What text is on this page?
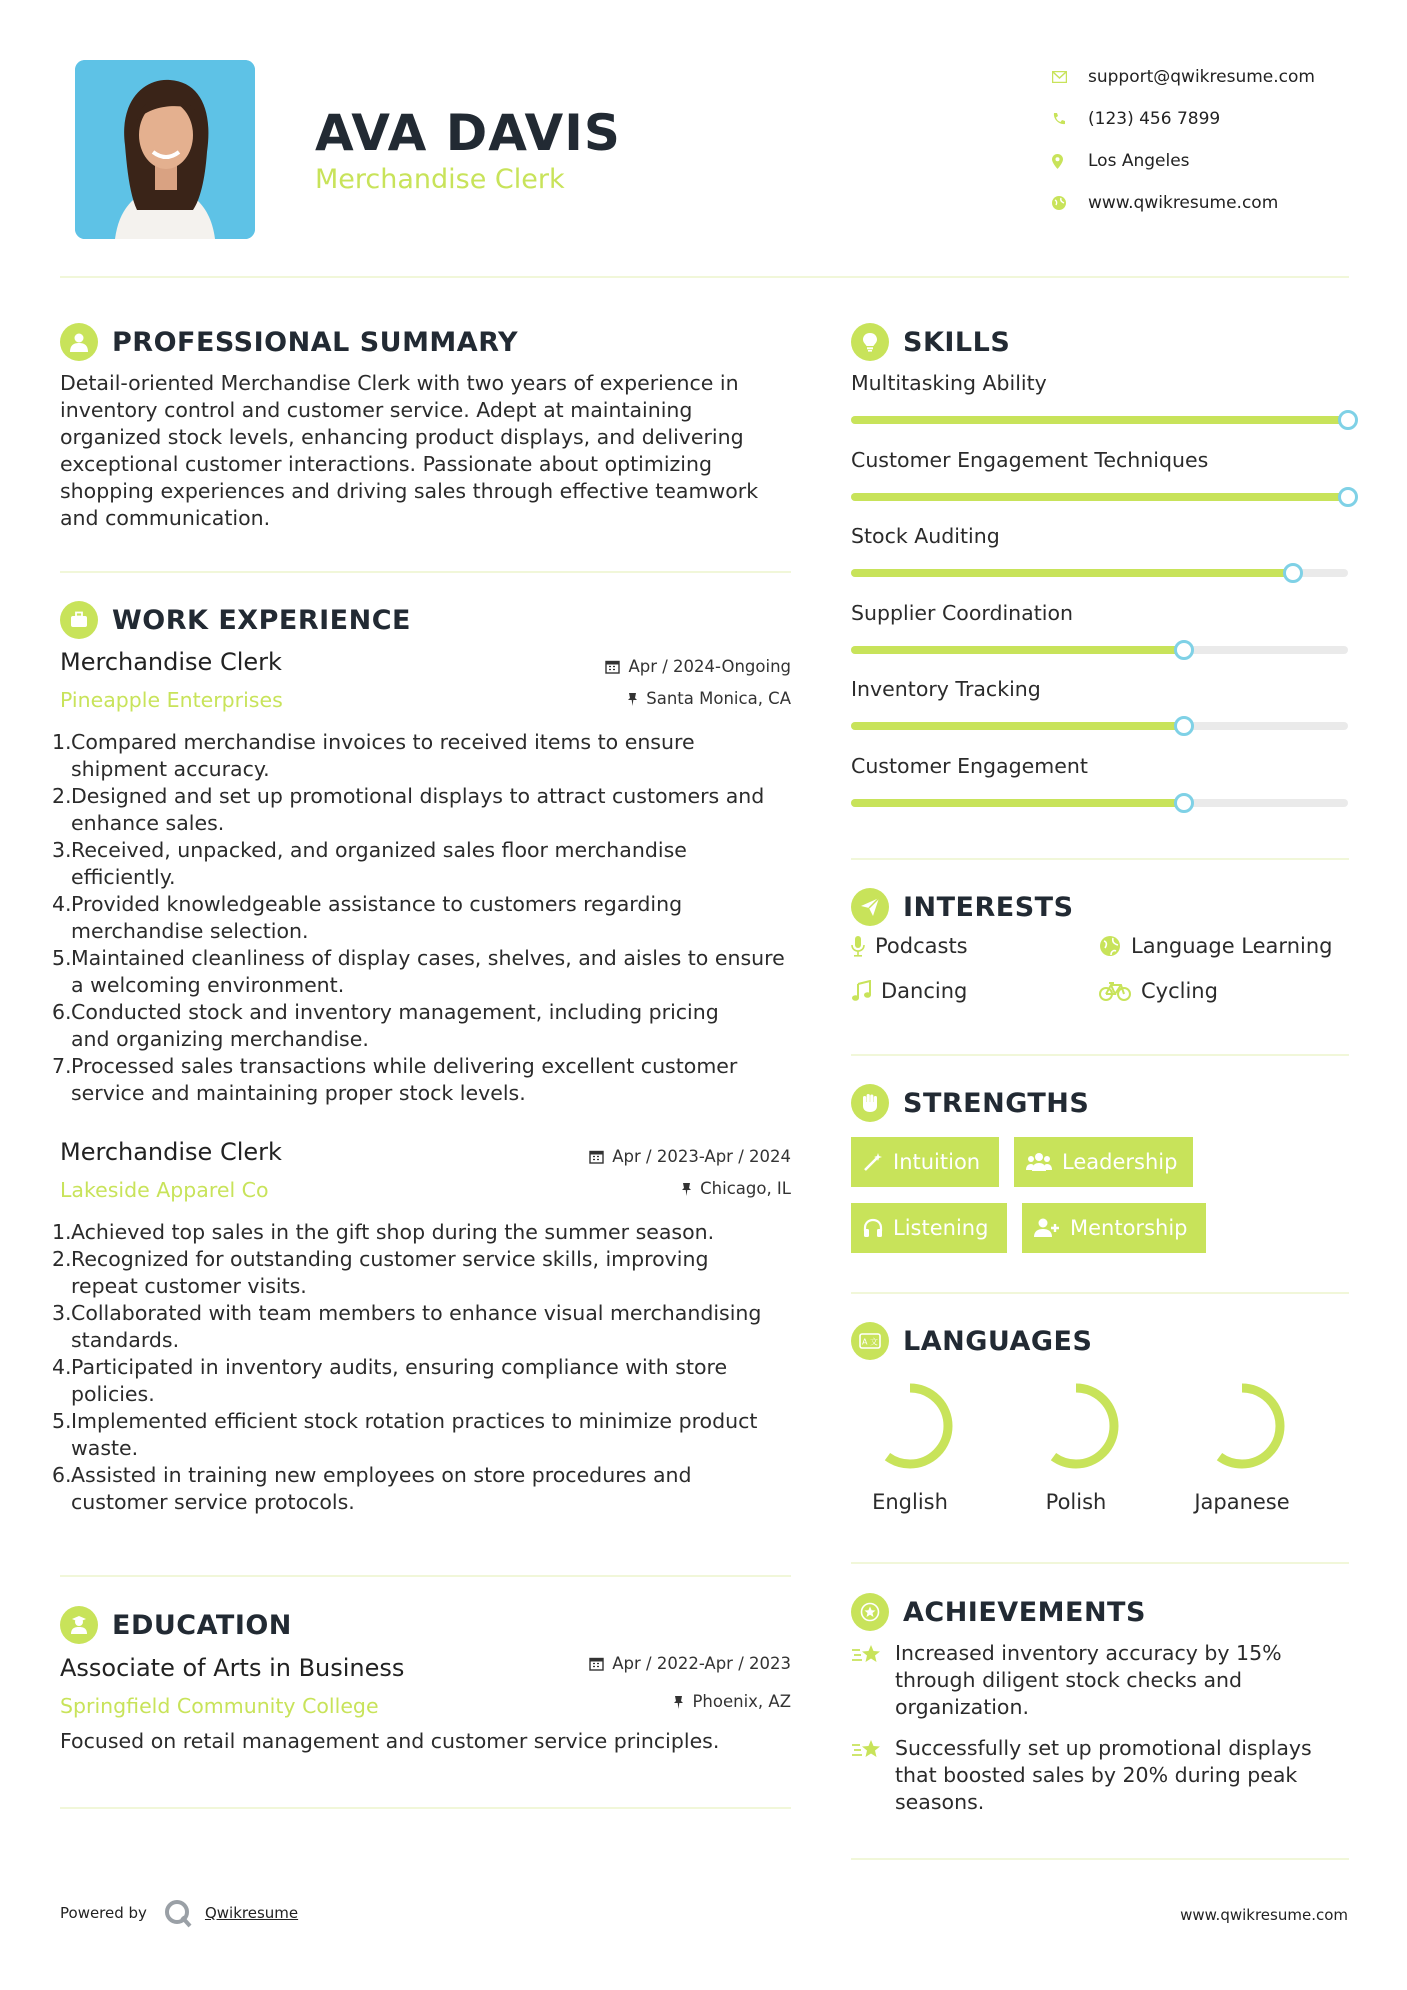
AVA DAVIS
Merchandise Clerk
support@qwikresume.com
(123) 456 7899
Los Angeles
www.qwikresume.com
PROFESSIONAL SUMMARY
Detail-oriented Merchandise Clerk with two years of experience in
inventory control and customer service. Adept at maintaining
organized stock levels, enhancing product displays, and delivering
exceptional customer interactions. Passionate about optimizing
shopping experiences and driving sales through effective teamwork
and communication.
WORK EXPERIENCE
Merchandise Clerk	Apr / 2024-Ongoing
Pineapple Enterprises	Santa Monica, CA
1. Compared merchandise invoices to received items to ensure
shipment accuracy.
2. Designed and set up promotional displays to attract customers and
enhance sales.
3. Received, unpacked, and organized sales floor merchandise
efficiently.
4. Provided knowledgeable assistance to customers regarding
merchandise selection.
5. Maintained cleanliness of display cases, shelves, and aisles to ensure
a welcoming environment.
6. Conducted stock and inventory management, including pricing
and organizing merchandise.
7. Processed sales transactions while delivering excellent customer
service and maintaining proper stock levels.
Merchandise Clerk	Apr / 2023-Apr / 2024
Lakeside Apparel Co	Chicago, IL
1. Achieved top sales in the gift shop during the summer season.
2. Recognized for outstanding customer service skills, improving
repeat customer visits.
3. Collaborated with team members to enhance visual merchandising
standards.
4. Participated in inventory audits, ensuring compliance with store
policies.
5. Implemented efficient stock rotation practices to minimize product
waste.
6. Assisted in training new employees on store procedures and
customer service protocols.
EDUCATION
Associate of Arts in Business	Apr / 2022-Apr / 2023
Springfield Community College	Phoenix, AZ
Focused on retail management and customer service principles.
SKILLS
Multitasking Ability
Customer Engagement Techniques
Stock Auditing
Supplier Coordination
Inventory Tracking
Customer Engagement
INTERESTS
Podcasts	Language Learning
Dancing	Cycling
STRENGTHS
Intuition	Leadership
Listening	Mentorship
A 文 LANGUAGES
English	Polish	Japanese
ACHIEVEMENTS
Increased inventory accuracy by 15%
through diligent stock checks and
organization.
Successfully set up promotional displays
that boosted sales by 20% during peak
seasons.
Powered by	Qwikresume	www.qwikresume.com
